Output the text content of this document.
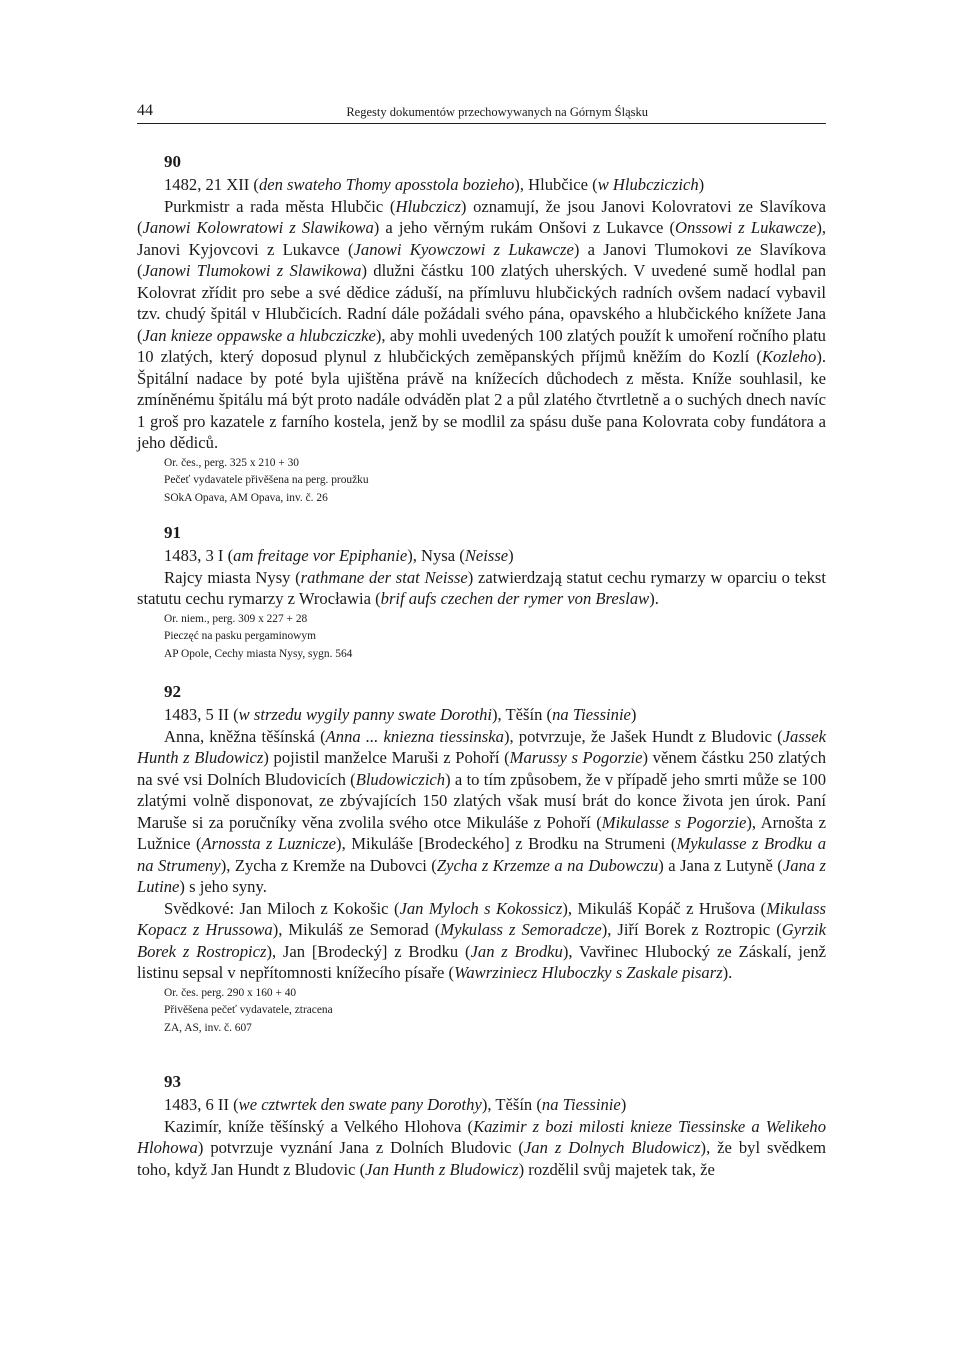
44	Regesty dokumentów przechowywanych na Górnym Śląsku
90

1482, 21 XII (den swateho Thomy aposstola bozieho), Hlubčice (w Hlubcziczich)

Purkmistr a rada města Hlubčic (Hlubczicz) oznamují, že jsou Janovi Kolovratovi ze Slavíkova (Janowi Kolowratowi z Slawikowa) a jeho věrným rukám Onšovi z Lukavce (Onssowi z Lukawcze), Janovi Kyjovcovi z Lukavce (Janowi Kyowczowi z Lukawcze) a Janovi Tlumokovi ze Slavíkova (Janowi Tlumokowi z Slawikowa) dlužni částku 100 zlatých uherských. V uvedené sumě hodlal pan Kolovrat zřídit pro sebe a své dědice záduší, na přímluvu hlubčických radních ovšem nadací vybavil tzv. chudý špitál v Hlubčicích. Radní dále požádali svého pána, opavského a hlubčického knížete Jana (Jan knieze oppawske a hlubcziczke), aby mohli uvedených 100 zlatých použít k umoření ročního platu 10 zlatých, který doposud plynul z hlubčických zeměpanských příjmů kněžím do Kozlí (Kozleho). Špitální nadace by poté byla ujištěna právě na knížecích důchodech z města. Kníže souhlasil, ke zmíněnému špitálu má být proto nadále odváděn plat 2 a půl zlatého čtvrtletně a o suchých dnech navíc 1 groš pro kazatele z farního kostela, jenž by se modlil za spásu duše pana Kolovrata coby fundátora a jeho dědiců.

Or. čes., perg. 325 x 210 + 30
Pečeť vydavatele přivěšena na perg. proužku
SOkA Opava, AM Opava, inv. č. 26
91

1483, 3 I (am freitage vor Epiphanie), Nysa (Neisse)

Rajcy miasta Nysy (rathmane der stat Neisse) zatwierdzają statut cechu rymarzy w oparciu o tekst statutu cechu rymarzy z Wrocławia (brif aufs czechen der rymer von Breslaw).

Or. niem., perg. 309 x 227 + 28
Pieczęć na pasku pergaminowym
AP Opole, Cechy miasta Nysy, sygn. 564
92

1483, 5 II (w strzedu wygily panny swate Dorothi), Těšín (na Tiessinie)

Anna, kněžna těšínská (Anna ... kniezna tiessinska), potvrzuje, že Jašek Hundt z Bludovic (Jassek Hunth z Bludowicz) pojistil manželce Maruši z Pohoří (Marussy s Pogorzie) věnem částku 250 zlatých na své vsi Dolních Bludovicích (Bludowiczich) a to tím způsobem, že v případě jeho smrti může se 100 zlatými volně disponovat, ze zbývajících 150 zlatých však musí brát do konce života jen úrok. Paní Maruše si za poručníky věna zvolila svého otce Mikuláše z Pohoří (Mikulasse s Pogorzie), Arnošta z Lužnice (Arnossta z Luznicze), Mikuláše [Brodeckého] z Brodku na Strumeni (Mykulasse z Brodku a na Strumeny), Zycha z Kremže na Dubovci (Zycha z Krzemze a na Dubowczu) a Jana z Lutyně (Jana z Lutine) s jeho syny.

Svědkové: Jan Miloch z Kokošic (Jan Myloch s Kokossicz), Mikuláš Kopáč z Hrušova (Mikulass Kopacz z Hrussowa), Mikuláš ze Semorad (Mykulass z Semoradcze), Jiří Borek z Roztropic (Gyrzik Borek z Rostropicz), Jan [Brodecký] z Brodku (Jan z Brodku), Vavřinec Hlubocký ze Záskalí, jenž listinu sepsal v nepřítomnosti knížecího písaře (Wawrziniecz Hluboczky s Zaskale pisarz).

Or. čes. perg. 290 x 160 + 40
Přivěšena pečeť vydavatele, ztracena
ZA, AS, inv. č. 607
93

1483, 6 II (we cztwrtek den swate pany Dorothy), Těšín (na Tiessinie)

Kazimír, kníže těšínský a Velkého Hlohova (Kazimir z bozi milosti knieze Tiessinske a Welikeho Hlohowa) potvrzuje vyznání Jana z Dolních Bludovic (Jan z Dolnych Bludowicz), že byl svědkem toho, když Jan Hundt z Bludovic (Jan Hunth z Bludowicz) rozdělil svůj majetek tak, že
